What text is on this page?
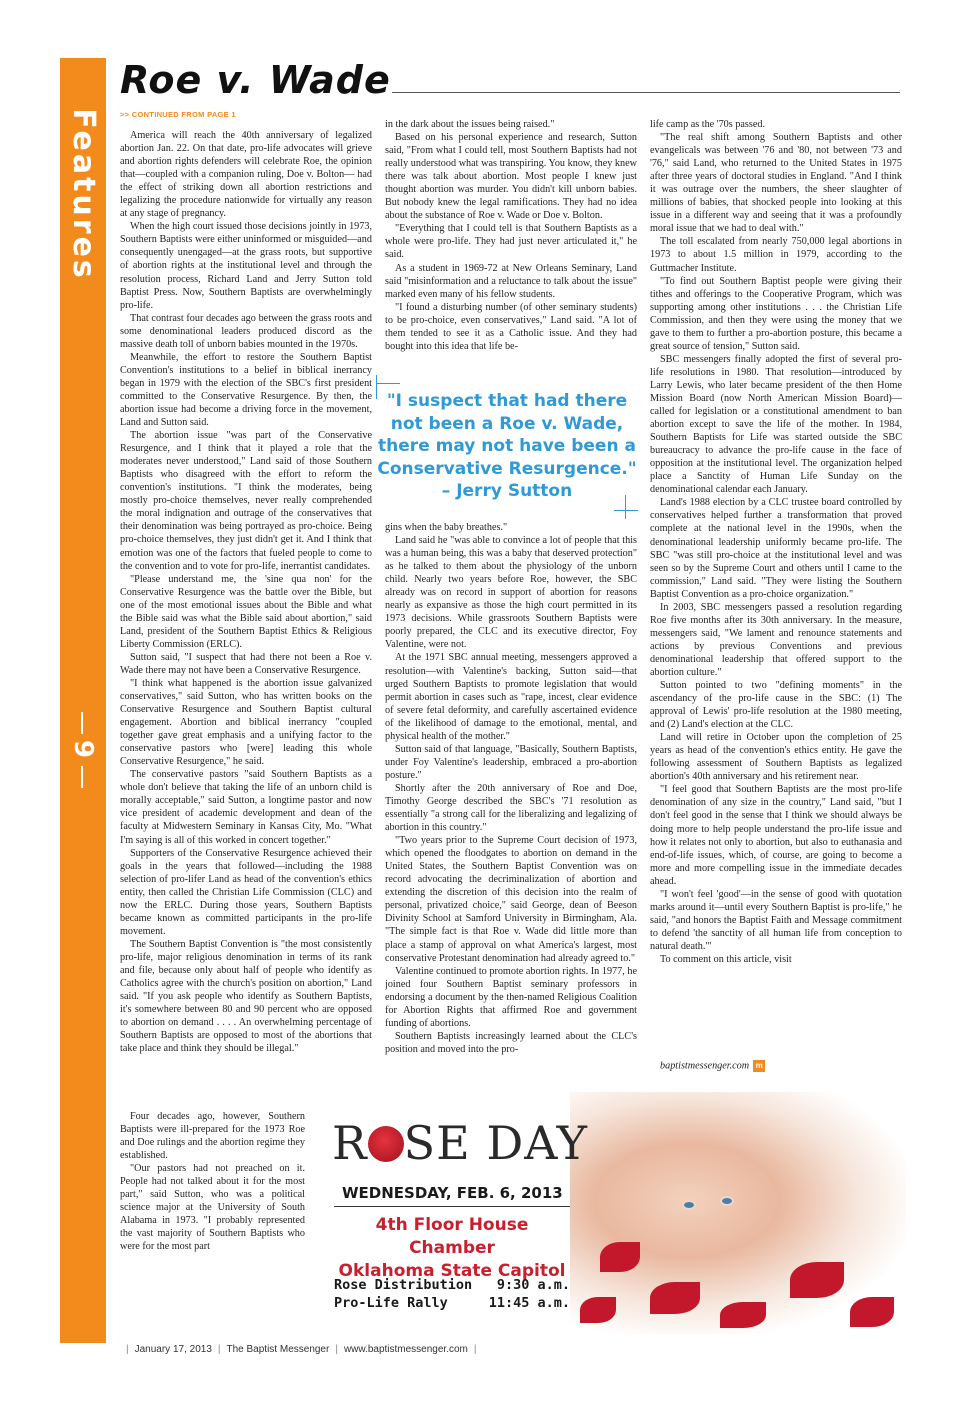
Features
9
Roe v. Wade
>> CONTINUED FROM PAGE 1

America will reach the 40th anniversary of legalized abortion Jan. 22. On that date, pro-life advocates will grieve and abortion rights defenders will celebrate Roe, the opinion that—coupled with a companion ruling, Doe v. Bolton— had the effect of striking down all abortion restrictions and legalizing the procedure nationwide for virtually any reason at any stage of pregnancy.

When the high court issued those decisions jointly in 1973, Southern Baptists were either uninformed or misguided—and consequently unengaged—at the grass roots, but supportive of abortion rights at the institutional level and through the resolution process, Richard Land and Jerry Sutton told Baptist Press. Now, Southern Baptists are overwhelmingly pro-life.

That contrast four decades ago between the grass roots and some denominational leaders produced discord as the massive death toll of unborn babies mounted in the 1970s.

Meanwhile, the effort to restore the Southern Baptist Convention's institutions to a belief in biblical inerrancy began in 1979 with the election of the SBC's first president committed to the Conservative Resurgence. By then, the abortion issue had become a driving force in the movement, Land and Sutton said.

The abortion issue "was part of the Conservative Resurgence, and I think that it played a role that the moderates never understood," Land said of those Southern Baptists who disagreed with the effort to reform the convention's institutions. "I think the moderates, being mostly pro-choice themselves, never really comprehended the moral indignation and outrage of the conservatives that their denomination was being portrayed as pro-choice. Being pro-choice themselves, they just didn't get it. And I think that emotion was one of the factors that fueled people to come to the convention and to vote for pro-life, inerrantist candidates.

"Please understand me, the 'sine qua non' for the Conservative Resurgence was the battle over the Bible, but one of the most emotional issues about the Bible and what the Bible said was what the Bible said about abortion," said Land, president of the Southern Baptist Ethics & Religious Liberty Commission (ERLC).

Sutton said, "I suspect that had there not been a Roe v. Wade there may not have been a Conservative Resurgence.

"I think what happened is the abortion issue galvanized conservatives," said Sutton, who has written books on the Conservative Resurgence and Southern Baptist cultural engagement. Abortion and biblical inerrancy "coupled together gave great emphasis and a unifying factor to the conservative pastors who [were] leading this whole Conservative Resurgence," he said.

The conservative pastors "said Southern Baptists as a whole don't believe that taking the life of an unborn child is morally acceptable," said Sutton, a longtime pastor and now vice president of academic development and dean of the faculty at Midwestern Seminary in Kansas City, Mo. "What I'm saying is all of this worked in concert together."

Supporters of the Conservative Resurgence achieved their goals in the years that followed—including the 1988 selection of pro-lifer Land as head of the convention's ethics entity, then called the Christian Life Commission (CLC) and now the ERLC. During those years, Southern Baptists became known as committed participants in the pro-life movement.

The Southern Baptist Convention is "the most consistently pro-life, major religious denomination in terms of its rank and file, because only about half of people who identify as Catholics agree with the church's position on abortion," Land said. "If you ask people who identify as Southern Baptists, it's somewhere between 80 and 90 percent who are opposed to abortion on demand . . . . An overwhelming percentage of Southern Baptists are opposed to most of the abortions that take place and think they should be illegal."

Four decades ago, however, Southern Baptists were ill-prepared for the 1973 Roe and Doe rulings and the abortion regime they established.

"Our pastors had not preached on it. People had not talked about it for the most part," said Sutton, who was a political science major at the University of South Alabama in 1973. "I probably represented the vast majority of Southern Baptists who were for the most part

in the dark about the issues being raised."

Based on his personal experience and research, Sutton said, "From what I could tell, most Southern Baptists had not really understood what was transpiring. You know, they knew there was talk about abortion. Most people I knew just thought abortion was murder. You didn't kill unborn babies. But nobody knew the legal ramifications. They had no idea about the substance of Roe v. Wade or Doe v. Bolton.

"Everything that I could tell is that Southern Baptists as a whole were pro-life. They had just never articulated it," he said.

As a student in 1969-72 at New Orleans Seminary, Land said "misinformation and a reluctance to talk about the issue" marked even many of his fellow students.

"I found a disturbing number (of other seminary students) to be pro-choice, even conservatives," Land said. "A lot of them tended to see it as a Catholic issue. And they had bought into this idea that life be-

"I suspect that had there
not been a Roe v. Wade,
there may not have been a
Conservative Resurgence."
– Jerry Sutton

gins when the baby breathes."

Land said he "was able to convince a lot of people that this was a human being, this was a baby that deserved protection" as he talked to them about the physiology of the unborn child. Nearly two years before Roe, however, the SBC already was on record in support of abortion for reasons nearly as expansive as those the high court permitted in its 1973 decisions. While grassroots Southern Baptists were poorly prepared, the CLC and its executive director, Foy Valentine, were not.

At the 1971 SBC annual meeting, messengers approved a resolution—with Valentine's backing, Sutton said—that urged Southern Baptists to promote legislation that would permit abortion in cases such as "rape, incest, clear evidence of severe fetal deformity, and carefully ascertained evidence of the likelihood of damage to the emotional, mental, and physical health of the mother."

Sutton said of that language, "Basically, Southern Baptists, under Foy Valentine's leadership, embraced a pro-abortion posture."

Shortly after the 20th anniversary of Roe and Doe, Timothy George described the SBC's '71 resolution as essentially "a strong call for the liberalizing and legalizing of abortion in this country."

"Two years prior to the Supreme Court decision of 1973, which opened the floodgates to abortion on demand in the United States, the Southern Baptist Convention was on record advocating the decriminalization of abortion and extending the discretion of this decision into the realm of personal, privatized choice," said George, dean of Beeson Divinity School at Samford University in Birmingham, Ala. "The simple fact is that Roe v. Wade did little more than place a stamp of approval on what America's largest, most conservative Protestant denomination had already agreed to."

Valentine continued to promote abortion rights. In 1977, he joined four Southern Baptist seminary professors in endorsing a document by the then-named Religious Coalition for Abortion Rights that affirmed Roe and government funding of abortions.

Southern Baptists increasingly learned about the CLC's position and moved into the pro-

life camp as the '70s passed.

"The real shift among Southern Baptists and other evangelicals was between '76 and '80, not between '73 and '76," said Land, who returned to the United States in 1975 after three years of doctoral studies in England. "And I think it was outrage over the numbers, the sheer slaughter of millions of babies, that shocked people into looking at this issue in a different way and seeing that it was a profoundly moral issue that we had to deal with."

The toll escalated from nearly 750,000 legal abortions in 1973 to about 1.5 million in 1979, according to the Guttmacher Institute.

"To find out Southern Baptist people were giving their tithes and offerings to the Cooperative Program, which was supporting among other institutions . . . the Christian Life Commission, and then they were using the money that we gave to them to further a pro-abortion posture, this became a great source of tension," Sutton said.

SBC messengers finally adopted the first of several pro-life resolutions in 1980. That resolution—introduced by Larry Lewis, who later became president of the then Home Mission Board (now North American Mission Board)—called for legislation or a constitutional amendment to ban abortion except to save the life of the mother. In 1984, Southern Baptists for Life was started outside the SBC bureaucracy to advance the pro-life cause in the face of opposition at the institutional level. The organization helped place a Sanctity of Human Life Sunday on the denominational calendar each January.

Land's 1988 election by a CLC trustee board controlled by conservatives helped further a transformation that proved complete at the national level in the 1990s, when the denominational leadership uniformly became pro-life. The SBC "was still pro-choice at the institutional level and was seen so by the Supreme Court and others until I came to the commission," Land said. "They were listing the Southern Baptist Convention as a pro-choice organization."

In 2003, SBC messengers passed a resolution regarding Roe five months after its 30th anniversary. In the measure, messengers said, "We lament and renounce statements and actions by previous Conventions and previous denominational leadership that offered support to the abortion culture."

Sutton pointed to two "defining moments" in the ascendancy of the pro-life cause in the SBC: (1) The approval of Lewis' pro-life resolution at the 1980 meeting, and (2) Land's election at the CLC.

Land will retire in October upon the completion of 25 years as head of the convention's ethics entity. He gave the following assessment of Southern Baptists as legalized abortion's 40th anniversary and his retirement near.

"I feel good that Southern Baptists are the most pro-life denomination of any size in the country," Land said, "but I don't feel good in the sense that I think we should always be doing more to help people understand the pro-life issue and how it relates not only to abortion, but also to euthanasia and end-of-life issues, which, of course, are going to become a more and more compelling issue in the immediate decades ahead.

"I won't feel 'good'—in the sense of good with quotation marks around it—until every Southern Baptist is pro-life," he said, "and honors the Baptist Faith and Message commitment to defend 'the sanctity of all human life from conception to natural death.'"

To comment on this article, visit

baptistmessenger.com m
R SE DAY
WEDNESDAY, FEB. 6, 2013
4th Floor House Chamber
Oklahoma State Capitol
Rose Distribution 9:30 a.m.
Pro-Life Rally	11:45 a.m.
| January 17, 2013 | The Baptist Messenger | www.baptistmessenger.com |
